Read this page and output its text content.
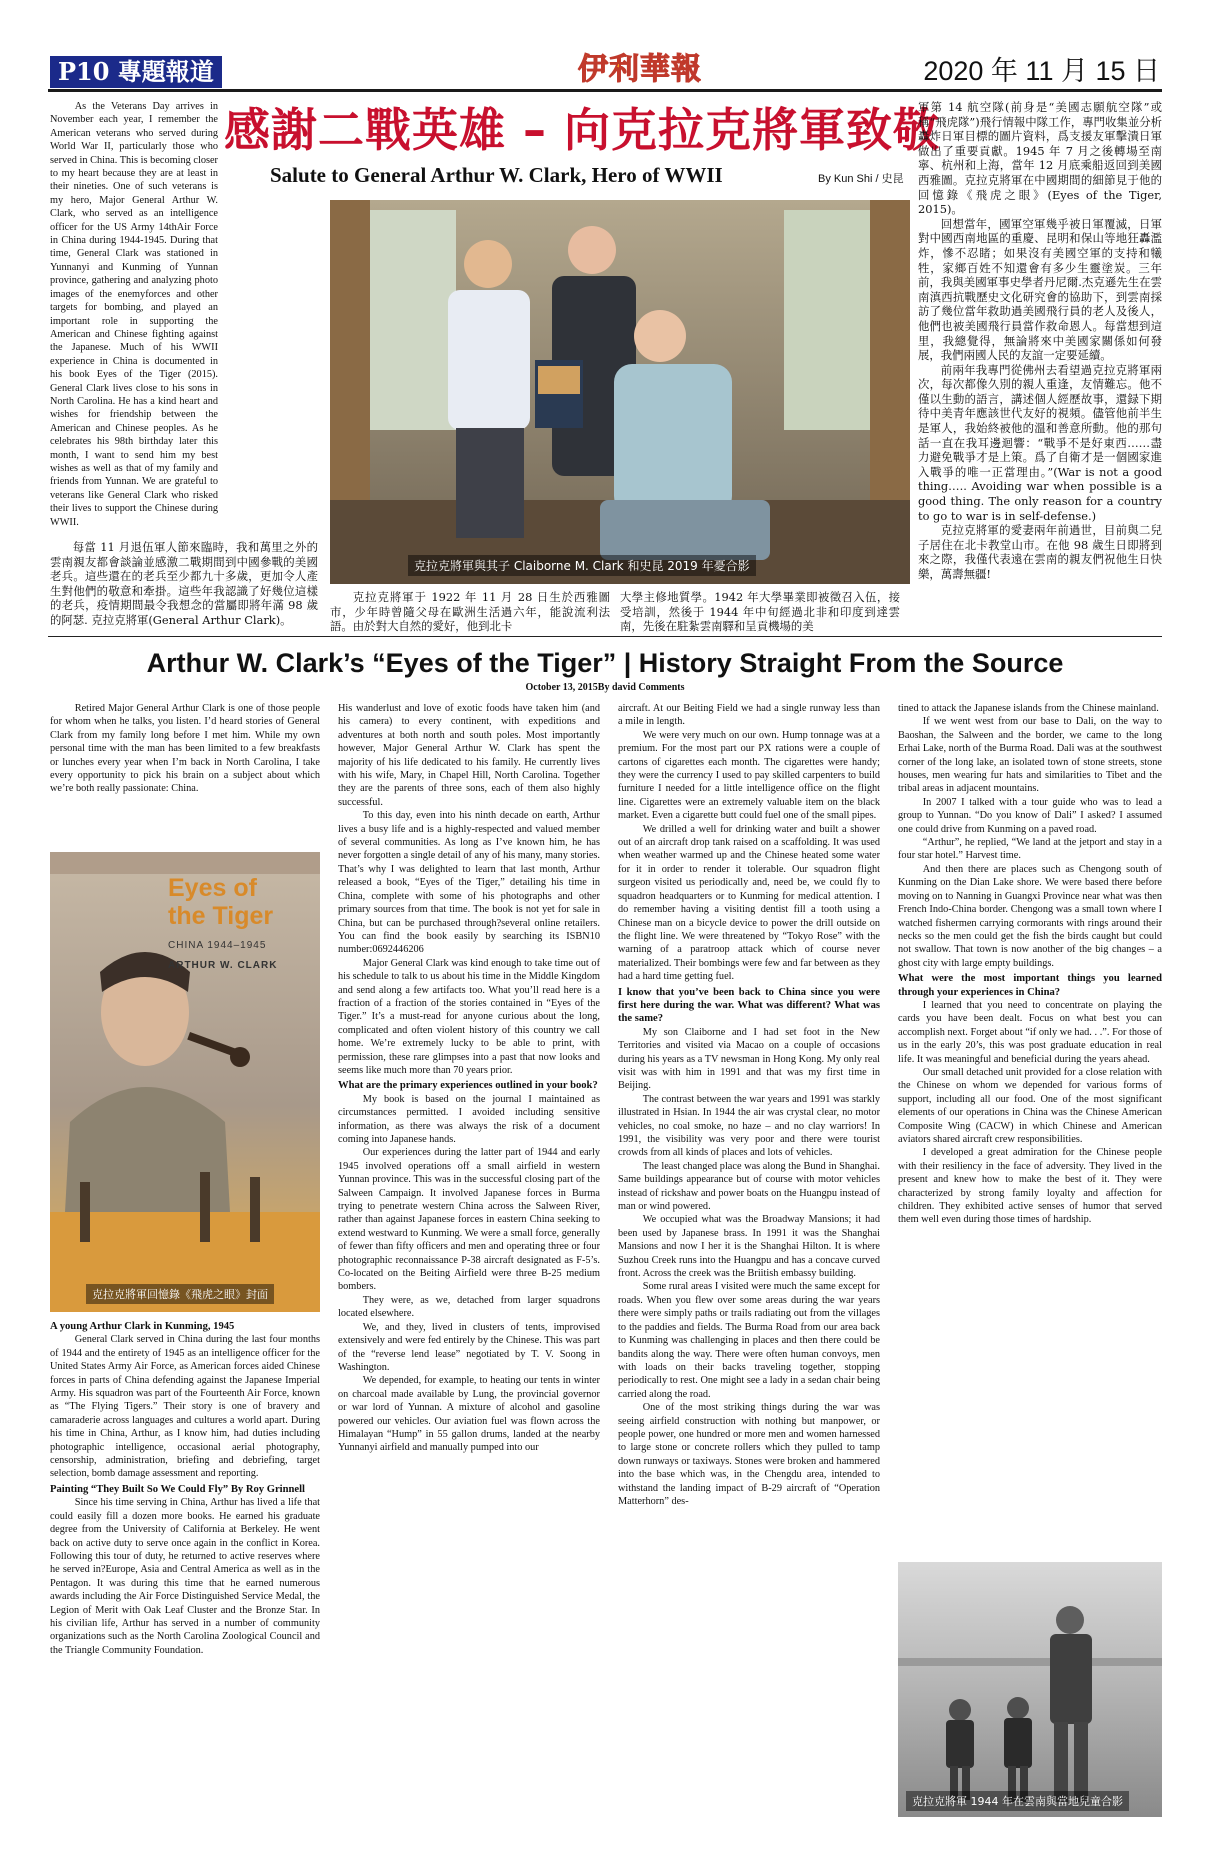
P10 專題報道	伊利華報	2020 年 11 月 15 日
感謝二戰英雄 – 向克拉克將軍致敬
Salute to General Arthur W. Clark, Hero of WWII	By Kun Shi / 史昆

As the Veterans Day arrives in November each year, I remember the American veterans who served during World War II, particularly those who served in China. This is becoming closer to my heart because they are at least in their nineties. One of such veterans is my hero, Major General Arthur W. Clark, who served as an intelligence officer for the US Army 14thAir Force in China during 1944-1945. During that time, General Clark was stationed in Yunnanyi and Kunming of Yunnan province, gathering and analyzing photo images of the enemyforces and other targets for bombing, and played an important role in supporting the American and Chinese fighting against the Japanese. Much of his WWII experience in China is documented in his book Eyes of the Tiger (2015). General Clark lives close to his sons in North Carolina. He has a kind heart and wishes for friendship between the American and Chinese peoples. As he celebrates his 98th birthday later this month, I want to send him my best wishes as well as that of my family and friends from Yunnan. We are grateful to veterans like General Clark who risked their lives to support the Chinese during WWII.

每當 11 月退伍軍人節來臨時，我和萬里之外的雲南親友都會談論並感激二戰期間到中國參戰的美國老兵。這些還在的老兵至少都九十多歲，更加令人產生對他們的敬意和牽掛。這些年我認識了好幾位這樣的老兵，疫情期間最令我想念的當屬即將年滿 98 歲的阿瑟. 克拉克將軍(General Arthur Clark)。

克拉克將軍與其子 Claiborne M. Clark 和史昆 2019 年憂合影

克拉克將軍于 1922 年 11 月 28 日生於西雅圖市，少年時曾隨父母在歐洲生活過六年，能說流利法語。由於對大自然的愛好，他到北卡

大學主修地質學。1942 年大學畢業即被徵召入伍，接受培訓，然後于 1944 年中旬經過北非和印度到達雲南，先後在駐紮雲南驛和呈貢機場的美

軍第 14 航空隊(前身是“美國志願航空隊”或稱“飛虎隊”)飛行情報中隊工作，專門收集並分析轟炸日軍目標的圖片資料，爲支援友軍擊潰日軍做出了重要貢獻。1945 年 7 月之後轉場至南寧、杭州和上海，當年 12 月底乘船返回到美國西雅圖。克拉克將軍在中國期間的細節見于他的回憶錄《飛虎之眼》(Eyes of the Tiger, 2015)。

回想當年，國軍空軍幾乎被日軍覆滅，日軍對中國西南地區的重慶、昆明和保山等地狂轟濫炸，慘不忍睹；如果沒有美國空軍的支持和犧牲，家鄉百姓不知還會有多少生靈塗炭。三年前，我與美國軍事史學者丹尼爾.杰克遜先生在雲南滇西抗戰歷史文化研究會的協助下，到雲南採訪了幾位當年救助過美國飛行員的老人及後人，他們也被美國飛行員當作救命恩人。每當想到這里，我總覺得，無論將來中美國家關係如何發展，我們兩國人民的友誼一定要延續。

前兩年我專門從佛州去看望過克拉克將軍兩次，每次都像久別的親人重逢，友情難忘。他不僅以生動的語言，講述個人經歷故事，還録下期待中美青年應該世代友好的視頻。儘管他前半生是軍人，我始終被他的溫和善意所動。他的那句話一直在我耳邊迴響：“戰爭不是好東西……盡力避免戰爭才是上策。爲了自衛才是一個國家進入戰爭的唯一正當理由。”(War is not a good thing….. Avoiding war when possible is a good thing. The only reason for a country to go to war is in self-defense.)

克拉克將軍的愛妻兩年前過世，目前與二兒子居住在北卡教堂山市。在他 98 歲生日即將到來之際，我僅代表遠在雲南的親友們祝他生日快樂，萬壽無疆!

Arthur W. Clark’s “Eyes of the Tiger” | History Straight From the Source
October 13, 2015By david Comments

Retired Major General Arthur Clark is one of those people for whom when he talks, you listen. I’d heard stories of General Clark from my family long before I met him. While my own personal time with the man has been limited to a few breakfasts or lunches every year when I’m back in North Carolina, I take every opportunity to pick his brain on a subject about which we’re both really passionate: China.

Eyes of the Tiger
CHINA 1944–1945
ARTHUR W. CLARK
克拉克將軍回憶錄《飛虎之眼》封面
A young Arthur Clark in Kunming, 1945

General Clark served in China during the last four months of 1944 and the entirety of 1945 as an intelligence officer for the United States Army Air Force, as American forces aided Chinese forces in parts of China defending against the Japanese Imperial Army. His squadron was part of the Fourteenth Air Force, known as “The Flying Tigers.” Their story is one of bravery and camaraderie across languages and cultures a world apart. During his time in China, Arthur, as I know him, had duties including photographic intelligence, occasional aerial photography, censorship, administration, briefing and debriefing, target selection, bomb damage assessment and reporting.

Painting “They Built So We Could Fly” By Roy Grinnell

Since his time serving in China, Arthur has lived a life that could easily fill a dozen more books. He earned his graduate degree from the University of California at Berkeley. He went back on active duty to serve once again in the conflict in Korea. Following this tour of duty, he returned to active reserves where he served in?Europe, Asia and Central America as well as in the Pentagon. It was during this time that he earned numerous awards including the Air Force Distinguished Service Medal, the Legion of Merit with Oak Leaf Cluster and the Bronze Star. In his civilian life, Arthur has served in a number of community organizations such as the North Carolina Zoological Council and the Triangle Community Foundation.

His wanderlust and love of exotic foods have taken him (and his camera) to every continent, with expeditions and adventures at both north and south poles. Most importantly however, Major General Arthur W. Clark has spent the majority of his life dedicated to his family. He currently lives with his wife, Mary, in Chapel Hill, North Carolina. Together they are the parents of three sons, each of them also highly successful.

To this day, even into his ninth decade on earth, Arthur lives a busy life and is a highly-respected and valued member of several communities. As long as I’ve known him, he has never forgotten a single detail of any of his many, many stories. That’s why I was delighted to learn that last month, Arthur released a book, “Eyes of the Tiger,” detailing his time in China, complete with some of his photographs and other primary sources from that time. The book is not yet for sale in China, but can be purchased through?several online retailers. You can find the book easily by searching its ISBN10 number:0692446206

Major General Clark was kind enough to take time out of his schedule to talk to us about his time in the Middle Kingdom and send along a few artifacts too. What you’ll read here is a fraction of a fraction of the stories contained in “Eyes of the Tiger.” It’s a must-read for anyone curious about the long, complicated and often violent history of this country we call home. We’re extremely lucky to be able to print, with permission, these rare glimpses into a past that now looks and seems like much more than 70 years prior.

What are the primary experiences outlined in your book?

My book is based on the journal I maintained as circumstances permitted. I avoided including sensitive information, as there was always the risk of a document coming into Japanese hands.

Our experiences during the latter part of 1944 and early 1945 involved operations off a small airfield in western Yunnan province. This was in the successful closing part of the Salween Campaign. It involved Japanese forces in Burma trying to penetrate western China across the Salween River, rather than against Japanese forces in eastern China seeking to extend westward to Kunming. We were a small force, generally of fewer than fifty officers and men and operating three or four photographic reconnaissance P-38 aircraft designated as F-5’s. Co-located on the Beiting Airfield were three B-25 medium bombers.

They were, as we, detached from larger squadrons located elsewhere.

We, and they, lived in clusters of tents, improvised extensively and were fed entirely by the Chinese. This was part of the “reverse lend lease” negotiated by T. V. Soong in Washington.

We depended, for example, to heating our tents in winter on charcoal made available by Lung, the provincial governor or war lord of Yunnan. A mixture of alcohol and gasoline powered our vehicles. Our aviation fuel was flown across the Himalayan “Hump” in 55 gallon drums, landed at the nearby Yunnanyi airfield and manually pumped into our

aircraft. At our Beiting Field we had a single runway less than a mile in length.

We were very much on our own. Hump tonnage was at a premium. For the most part our PX rations were a couple of cartons of cigarettes each month. The cigarettes were handy; they were the currency I used to pay skilled carpenters to build furniture I needed for a little intelligence office on the flight line. Cigarettes were an extremely valuable item on the black market. Even a cigarette butt could fuel one of the small pipes.

We drilled a well for drinking water and built a shower out of an aircraft drop tank raised on a scaffolding. It was used when weather warmed up and the Chinese heated some water for it in order to render it tolerable. Our squadron flight surgeon visited us periodically and, need be, we could fly to squadron headquarters or to Kunming for medical attention. I do remember having a visiting dentist fill a tooth using a Chinese man on a bicycle device to power the drill outside on the flight line. We were threatened by “Tokyo Rose” with the warning of a paratroop attack which of course never materialized. Their bombings were few and far between as they had a hard time getting fuel.

I know that you’ve been back to China since you were first here during the war. What was different? What was the same?

My son Claiborne and I had set foot in the New Territories and visited via Macao on a couple of occasions during his years as a TV newsman in Hong Kong. My only real visit was with him in 1991 and that was my first time in Beijing.

The contrast between the war years and 1991 was starkly illustrated in Hsian. In 1944 the air was crystal clear, no motor vehicles, no coal smoke, no haze – and no clay warriors! In 1991, the visibility was very poor and there were tourist crowds from all kinds of places and lots of vehicles.

The least changed place was along the Bund in Shanghai. Same buildings appearance but of course with motor vehicles instead of rickshaw and power boats on the Huangpu instead of man or wind powered.

We occupied what was the Broadway Mansions; it had been used by Japanese brass. In 1991 it was the Shanghai Mansions and now I her it is the Shanghai Hilton. It is where Suzhou Creek runs into the Huangpu and has a concave curved front. Across the creek was the Briitish embassy building.

Some rural areas I visited were much the same except for roads. When you flew over some areas during the war years there were simply paths or trails radiating out from the villages to the paddies and fields. The Burma Road from our area back to Kunming was challenging in places and then there could be bandits along the way. There were often human convoys, men with loads on their backs traveling together, stopping periodically to rest. One might see a lady in a sedan chair being carried along the road.

One of the most striking things during the war was seeing airfield construction with nothing but manpower, or people power, one hundred or more men and women harnessed to large stone or concrete rollers which they pulled to tamp down runways or taxiways. Stones were broken and hammered into the base which was, in the Chengdu area, intended to withstand the landing impact of B-29 aircraft of “Operation Matterhorn” des-

tined to attack the Japanese islands from the Chinese mainland.

If we went west from our base to Dali, on the way to Baoshan, the Salween and the border, we came to the long Erhai Lake, north of the Burma Road. Dali was at the southwest corner of the long lake, an isolated town of stone streets, stone houses, men wearing fur hats and similarities to Tibet and the tribal areas in adjacent mountains.

In 2007 I talked with a tour guide who was to lead a group to Yunnan. “Do you know of Dali” I asked? I assumed one could drive from Kunming on a paved road.

“Arthur”, he replied, “We land at the jetport and stay in a four star hotel.” Harvest time.

And then there are places such as Chengong south of Kunming on the Dian Lake shore. We were based there before moving on to Nanning in Guangxi Province near what was then French Indo-China border. Chengong was a small town where I watched fishermen carrying cormorants with rings around their necks so the men could get the fish the birds caught but could not swallow. That town is now another of the big changes – a ghost city with large empty buildings.

What were the most important things you learned through your experiences in China?

I learned that you need to concentrate on playing the cards you have been dealt. Focus on what best you can accomplish next. Forget about “if only we had. . .”. For those of us in the early 20’s, this was post graduate education in real life. It was meaningful and beneficial during the years ahead.

Our small detached unit provided for a close relation with the Chinese on whom we depended for various forms of support, including all our food. One of the most significant elements of our operations in China was the Chinese American Composite Wing (CACW) in which Chinese and American aviators shared aircraft crew responsibilities.

I developed a great admiration for the Chinese people with their resiliency in the face of adversity. They lived in the present and knew how to make the best of it. They were characterized by strong family loyalty and affection for children. They exhibited active senses of humor that served them well even during those times of hardship.

克拉克將軍 1944 年在雲南與當地兒童合影
